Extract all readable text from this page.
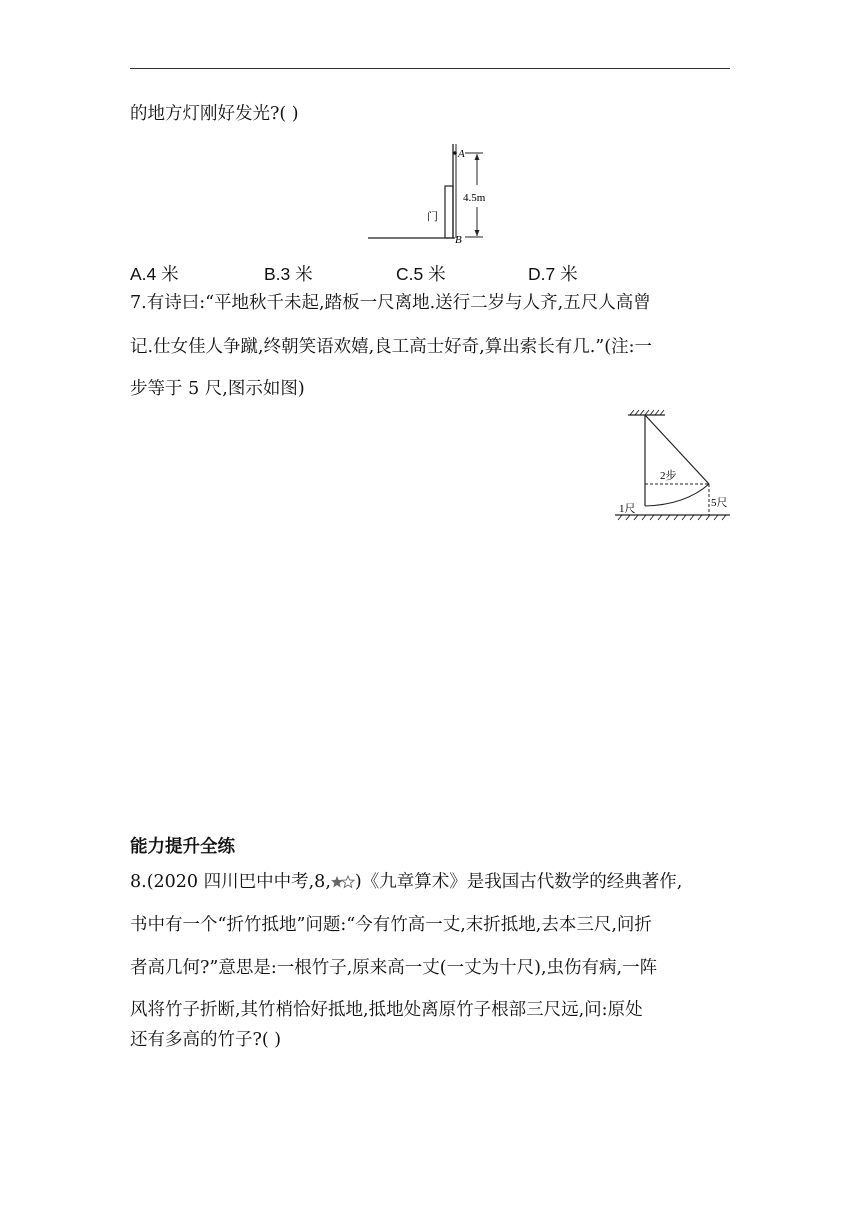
的地方灯刚好发光?( )
门
A
B
4.5m
A.4 米	B.3 米	C.5 米	D.7 米
7.有诗曰:“平地秋千未起,踏板一尺离地.送行二岁与人齐,五尺人高曾
记.仕女佳人争蹴,终朝笑语欢嬉,良工高士好奇,算出索长有几.”(注:一
步等于 5 尺,图示如图)
2步
1尺	5尺
能力提升全练
8.(2020 四川巴中中考,8, )《九章算术》是我国古代数学的经典著作,
书中有一个“折竹抵地”问题:“今有竹高一丈,末折抵地,去本三尺,问折
者高几何?”意思是:一根竹子,原来高一丈(一丈为十尺),虫伤有病,一阵
风将竹子折断,其竹梢恰好抵地,抵地处离原竹子根部三尺远,问:原处
还有多高的竹子?( )
